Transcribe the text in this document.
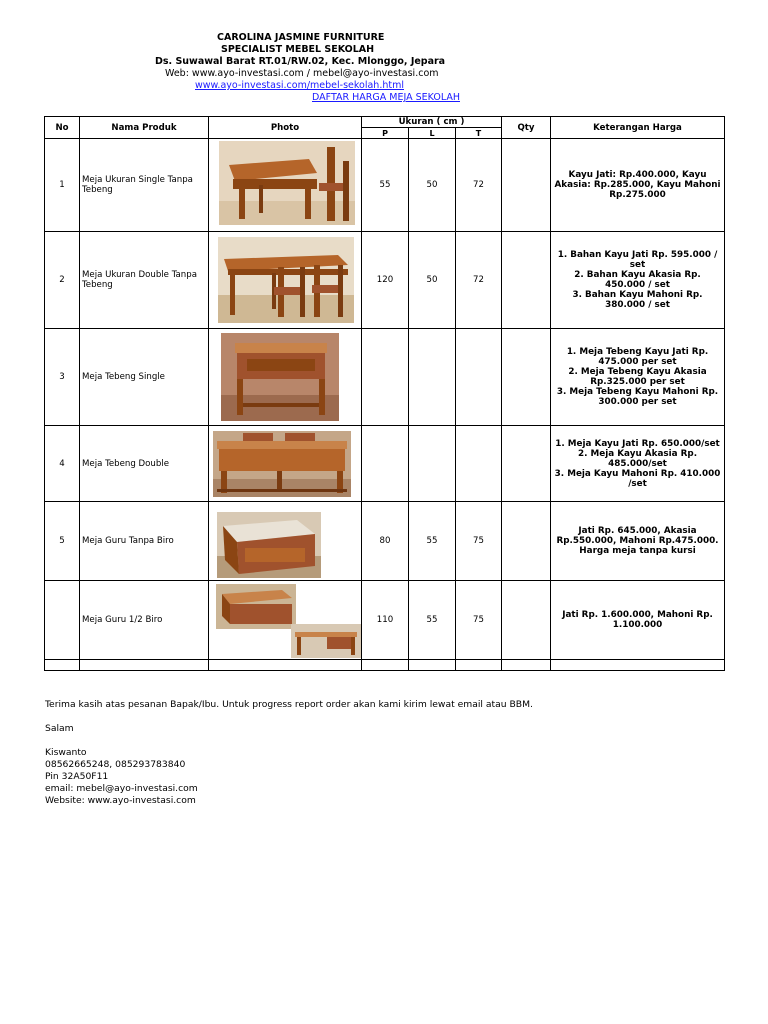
CAROLINA JASMINE FURNITURE
SPECIALIST MEBEL SEKOLAH
Ds. Suwawal Barat RT.01/RW.02, Kec. Mlonggo, Jepara
Web: www.ayo-investasi.com / mebel@ayo-investasi.com
www.ayo-investasi.com/mebel-sekolah.html
DAFTAR HARGA MEJA SEKOLAH
No	Nama Produk	Photo	Ukuran ( cm )			Qty	Keterangan Harga
			P	L	T		
1	Meja Ukuran Single Tanpa Tebeng		55	50	72		Kayu Jati: Rp.400.000, Kayu Akasia: Rp.285.000, Kayu Mahoni Rp.275.000
2	Meja Ukuran Double Tanpa Tebeng		120	50	72		1. Bahan Kayu Jati Rp. 595.000 / set
2. Bahan Kayu Akasia Rp. 450.000 / set
3. Bahan Kayu Mahoni Rp. 380.000 / set
3	Meja Tebeng Single						1. Meja Tebeng Kayu Jati Rp. 475.000 per set
2. Meja Tebeng Kayu Akasia Rp.325.000 per set
3. Meja Tebeng Kayu Mahoni Rp. 300.000 per set
4	Meja Tebeng Double						1. Meja Kayu Jati Rp. 650.000/set
2. Meja Kayu Akasia Rp. 485.000/set
3. Meja Kayu Mahoni Rp. 410.000 /set
5	Meja Guru Tanpa Biro		80	55	75		Jati Rp. 645.000, Akasia Rp.550.000, Mahoni Rp.475.000. Harga meja tanpa kursi
	Meja Guru 1/2 Biro		110	55	75		Jati Rp. 1.600.000, Mahoni Rp. 1.100.000

Terima kasih atas pesanan Bapak/Ibu. Untuk progress report order akan kami kirim lewat email atau BBM.
Salam
Kiswanto
08562665248, 085293783840
Pin 32A50F11
email: mebel@ayo-investasi.com
Website: www.ayo-investasi.com
